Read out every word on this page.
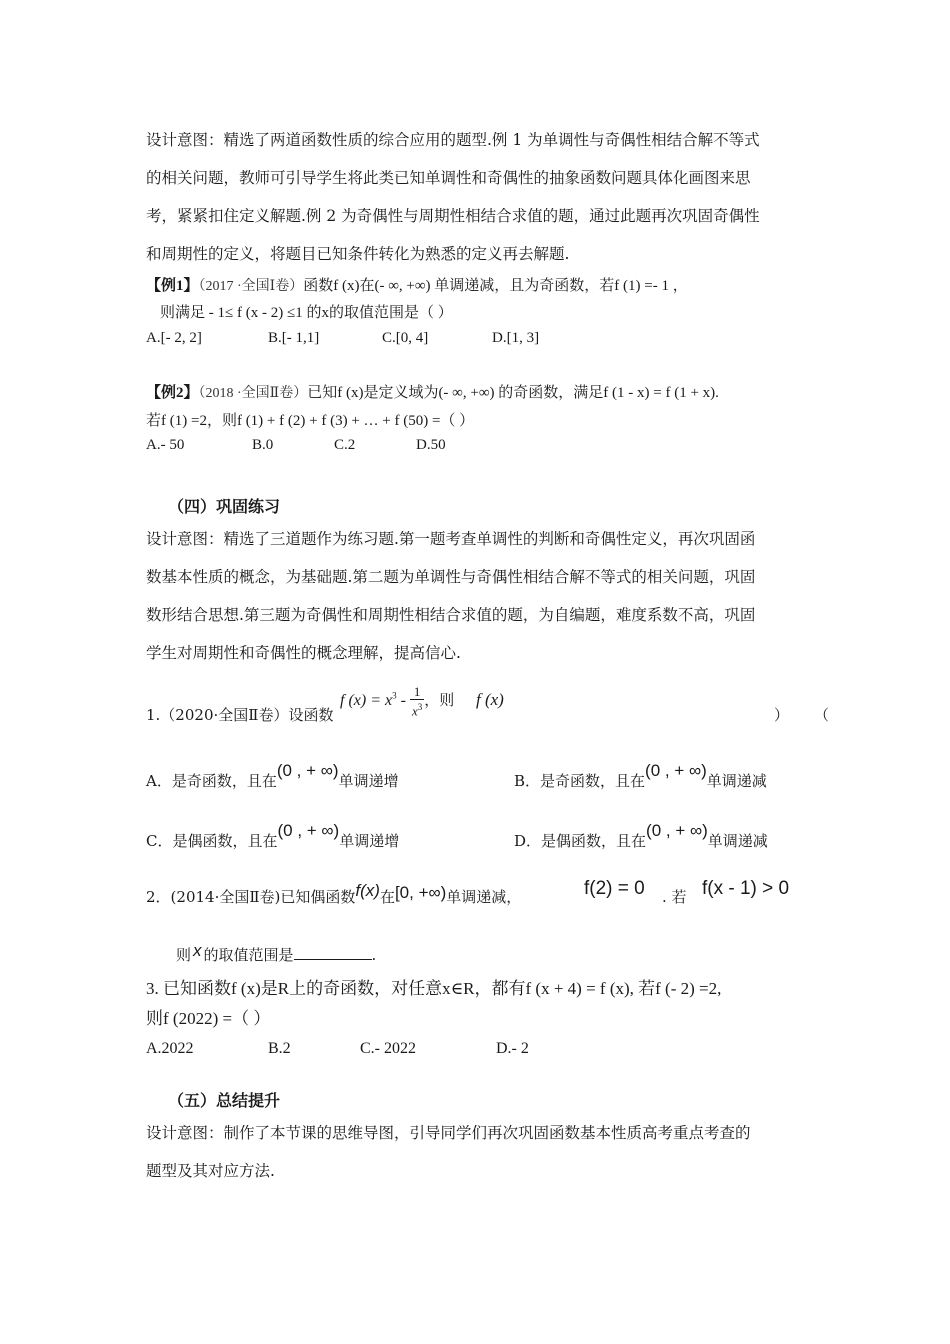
设计意图：精选了两道函数性质的综合应用的题型.例 1 为单调性与奇偶性相结合解不等式
的相关问题，教师可引导学生将此类已知单调性和奇偶性的抽象函数问题具体化画图来思
考，紧紧扣住定义解题.例 2 为奇偶性与周期性相结合求值的题，通过此题再次巩固奇偶性
和周期性的定义，将题目已知条件转化为熟悉的定义再去解题.
【例1】（2017 ·全国Ⅰ卷）函数f (x)在(- ∞, +∞) 单调递减，且为奇函数，若f (1) =- 1 ，
则满足 - 1≤ f (x - 2) ≤1 的x的取值范围是（ ）
A.[- 2, 2]	B.[- 1,1]	C.[0, 4]	D.[1, 3]
【例2】（2018 ·全国Ⅱ卷）已知f (x)是定义域为(- ∞, +∞) 的奇函数，满足f (1 - x) = f (1 + x).
若f (1) =2，则f (1) + f (2) + f (3) + … + f (50) =（ ）
A.- 50	B.0	C.2	D.50
（四）巩固练习
设计意图：精选了三道题作为练习题.第一题考查单调性的判断和奇偶性定义，再次巩固函
数基本性质的概念，为基础题.第二题为单调性与奇偶性相结合解不等式的相关问题，巩固
数形结合思想.第三题为奇偶性和周期性相结合求值的题，为自编题，难度系数不高，巩固
学生对周期性和奇偶性的概念理解，提高信心.
1.（2020·全国Ⅱ卷）设函数
f $(x) = x^3 - \frac{1}{x^3}$ ，则 f (x)
） （
A．是奇函数，且在(0 , + ∞)单调递增	B．是奇函数，且在(0 , + ∞)单调递减
C．是偶函数，且在(0 , + ∞)单调递增	D．是偶函数，且在(0 , + ∞)单调递减
2．(2014·全国Ⅱ卷)已知偶函数f(x)在[0, +∞)单调递减，	f(2) = 0 . 若 f(x - 1) > 0
则 x 的取值范围是	.
3. 已知函数f (x)是R上的奇函数，对任意x∈R，都有f (x + 4) = f (x), 若f (- 2) =2,
则f (2022) =（ ）
A.2022	B.2	C.- 2022	D.- 2
（五）总结提升
设计意图：制作了本节课的思维导图，引导同学们再次巩固函数基本性质高考重点考查的
题型及其对应方法.
